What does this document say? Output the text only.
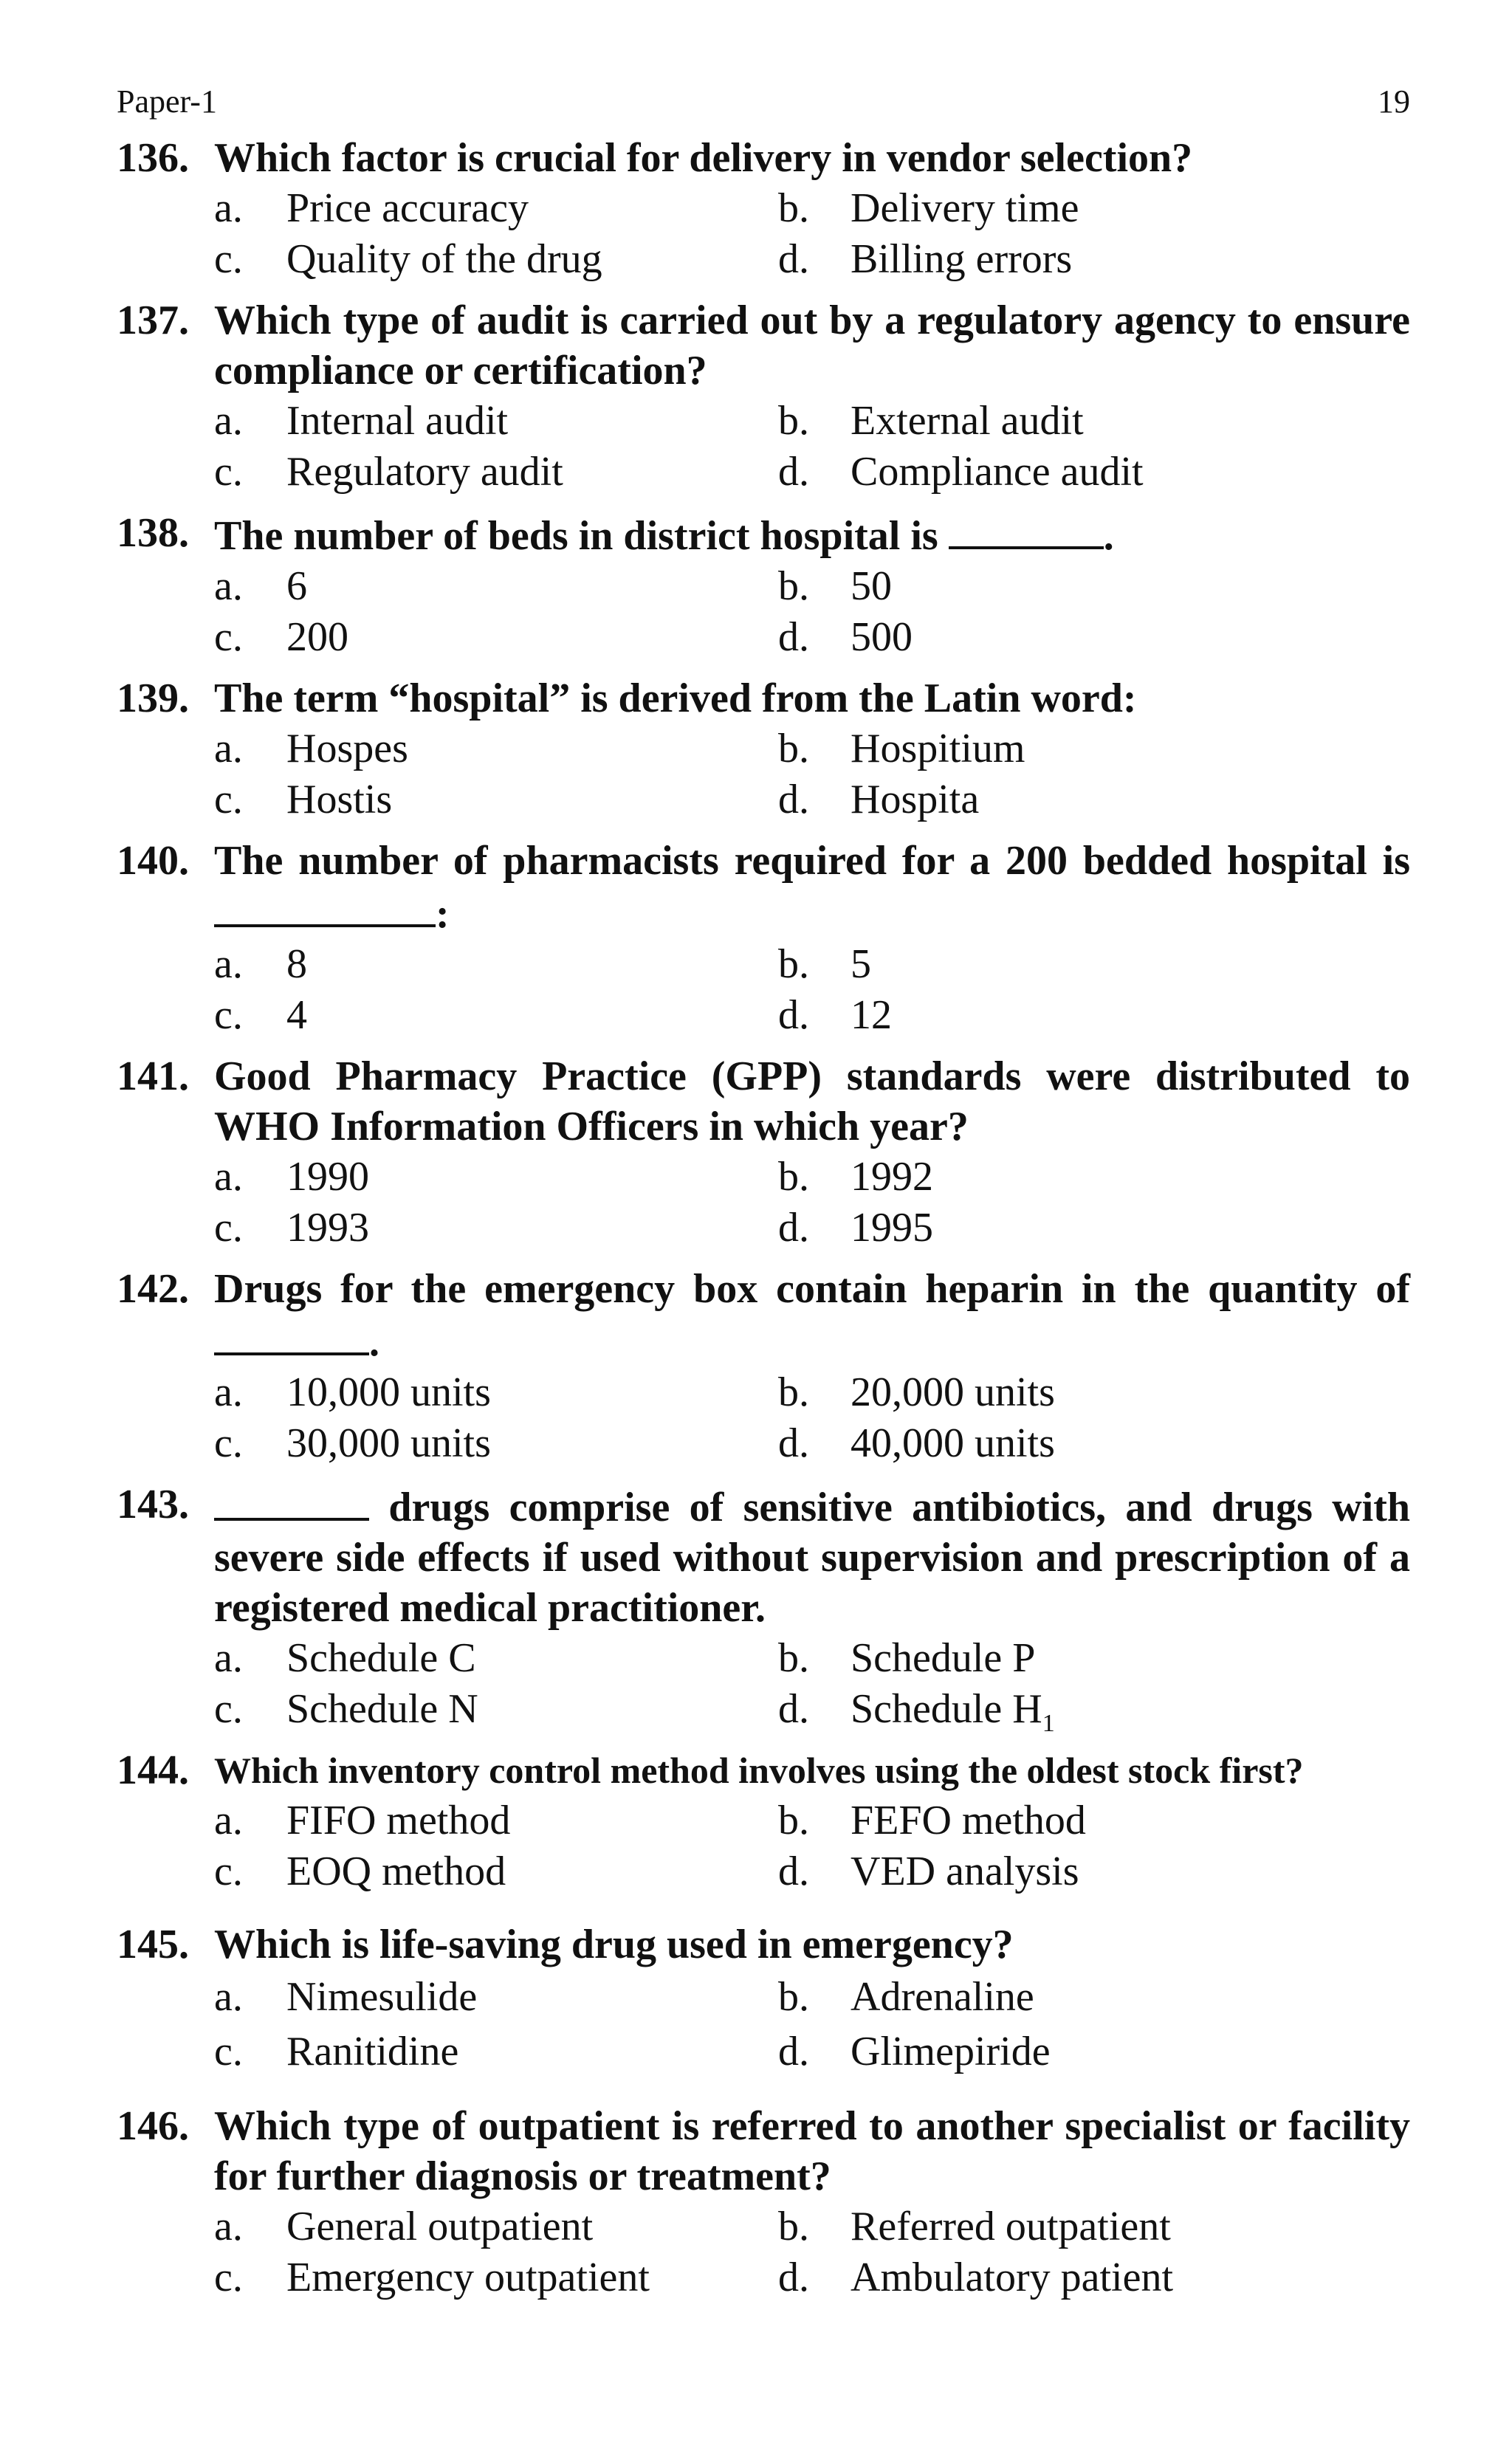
Paper-1	19
136. Which factor is crucial for delivery in vendor selection?
a.	Price accuracy	b.	Delivery time
c.	Quality of the drug	d.	Billing errors
137. Which type of audit is carried out by a regulatory agency to ensure compliance or certification?
a.	Internal audit	b.	External audit
c.	Regulatory audit	d.	Compliance audit
138. The number of beds in district hospital is	.
a.	6	b.	50
c.	200	d.	500
139. The term “hospital” is derived from the Latin word:
a.	Hospes	b.	Hospitium
c.	Hostis	d.	Hospita
140. The number of pharmacists required for a 200 bedded hospital is :
a.	8	b.	5
c.	4	d.	12
141. Good Pharmacy Practice (GPP) standards were distributed to WHO Information Officers in which year?
a.	1990	b.	1992
c.	1993	d.	1995
142. Drugs for the emergency box contain heparin in the quantity of .
a.	10,000 units	b.	20,000 units
c.	30,000 units	d.	40,000 units
143.	drugs comprise of sensitive antibiotics, and drugs with severe side effects if used without supervision and prescription of a registered medical practitioner.
a.	Schedule C	b.	Schedule P
c.	Schedule N	d.	Schedule $H_1$
144. Which inventory control method involves using the oldest stock first?
a.	FIFO method	b.	FEFO method
c.	EOQ method	d.	VED analysis
145. Which is life-saving drug used in emergency?
a.	Nimesulide	b.	Adrenaline
c.	Ranitidine	d.	Glimepiride
146. Which type of outpatient is referred to another specialist or facility for further diagnosis or treatment?
a.	General outpatient	b.	Referred outpatient
c.	Emergency outpatient	d.	Ambulatory patient
